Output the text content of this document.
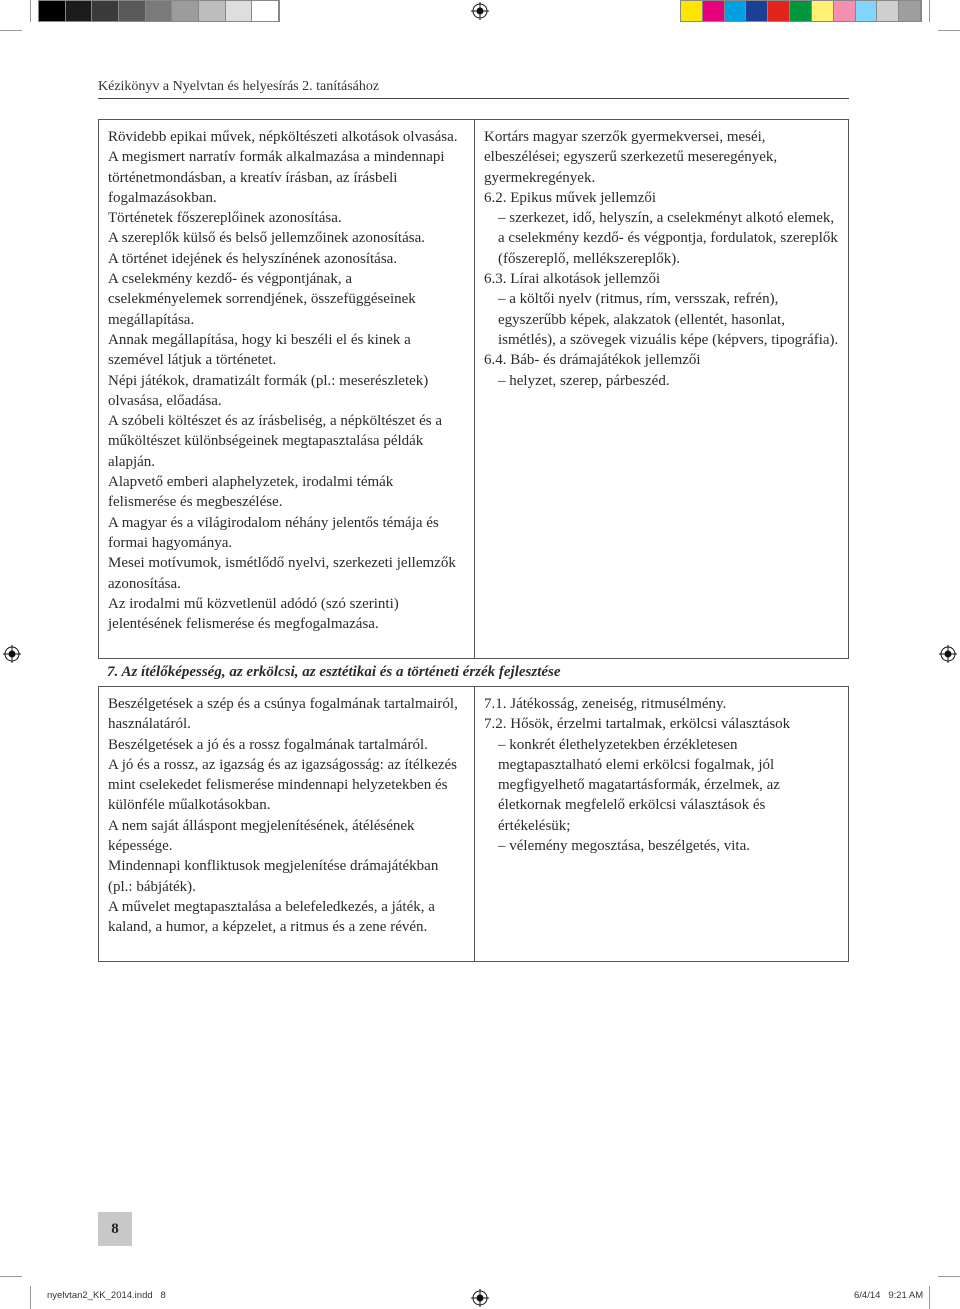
Kézikönyv a Nyelvtan és helyesírás 2. tanításához

Rövidebb epikai művek, népköltészeti alkotások olvasása.

A megismert narratív formák alkalmazása a mindennapi történetmondásban, a kreatív írásban, az írásbeli fogalmazásokban.

Történetek főszereplőinek azonosítása.

A szereplők külső és belső jellemzőinek azonosítása.

A történet idejének és helyszínének azonosítása.

A cselekmény kezdő- és végpontjának, a cselekményelemek sorrendjének, összefüggéseinek megállapítása.

Annak megállapítása, hogy ki beszéli el és kinek a szemével látjuk a történetet.

Népi játékok, dramatizált formák (pl.: meserészletek) olvasása, előadása.

A szóbeli költészet és az írásbeliség, a népköltészet és a műköltészet különbségeinek megtapasztalása példák alapján.

Alapvető emberi alaphelyzetek, irodalmi témák felismerése és megbeszélése.

A magyar és a világirodalom néhány jelentős témája és formai hagyománya.

Mesei motívumok, ismétlődő nyelvi, szerkezeti jellemzők azonosítása.

Az irodalmi mű közvetlenül adódó (szó szerinti) jelentésének felismerése és megfogalmazása.

Kortárs magyar szerzők gyermekversei, meséi, elbeszélései; egyszerű szerkezetű meseregények, gyermekregények.

6.2. Epikus művek jellemzői

– szerkezet, idő, helyszín, a cselekményt alkotó elemek, a cselekmény kezdő- és végpontja, fordulatok, szereplők (főszereplő, mellékszereplők).

6.3. Lírai alkotások jellemzői

– a költői nyelv (ritmus, rím, versszak, refrén), egyszerűbb képek, alakzatok (ellentét, hasonlat, ismétlés), a szövegek vizuális képe (képvers, tipográfia).

6.4. Báb- és drámajátékok jellemzői

– helyzet, szerep, párbeszéd.

7. Az ítélőképesség, az erkölcsi, az esztétikai és a történeti érzék fejlesztése

Beszélgetések a szép és a csúnya fogalmának tartalmairól, használatáról.

Beszélgetések a jó és a rossz fogalmának tartalmáról.

A jó és a rossz, az igazság és az igazságosság: az ítélkezés mint cselekedet felismerése mindennapi helyzetekben és különféle műalkotásokban.

A nem saját álláspont megjelenítésének, átélésének képessége.

Mindennapi konfliktusok megjelenítése drámajátékban (pl.: bábjáték).

A művelet megtapasztalása a belefeledkezés, a játék, a kaland, a humor, a képzelet, a ritmus és a zene révén.

7.1. Játékosság, zeneiség, ritmusélmény.

7.2. Hősök, érzelmi tartalmak, erkölcsi választások

– konkrét élethelyzetekben érzékletesen megtapasztalható elemi erkölcsi fogalmak, jól megfigyelhető magatartásformák, érzelmek, az életkornak megfelelő erkölcsi választások és értékelésük;

– vélemény megosztása, beszélgetés, vita.

8
nyelvtan2_KK_2014.indd   8	6/4/14   9:21 AM
